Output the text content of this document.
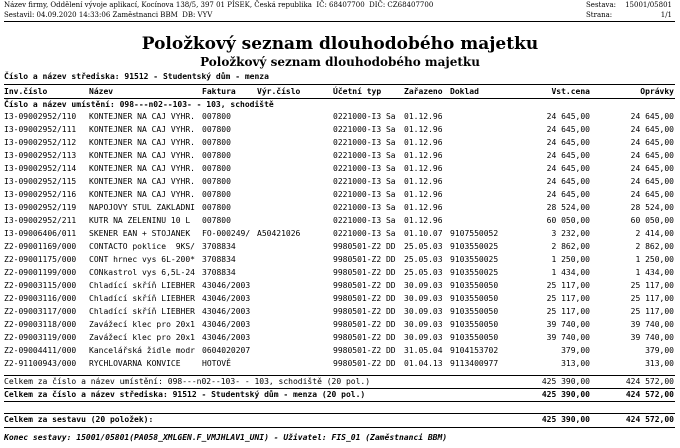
Název firmy, Oddělení vývoje aplikací, Kocínova 138/5, 397 01 PÍSEK, Česká republika  IČ: 68407700  DIČ: CZ68407700
Sestavil: 04.09.2020 14:33:06 Zaměstnanci BBM  DB: VYV
Sestava:	15001/05801
Strana:	1/1
Položkový seznam dlouhodobého majetku
Položkový seznam dlouhodobého majetku
Číslo a název střediska: 91512 - Studentský dům - menza
Inv.číslo	Název	Faktura	Výr.číslo	Účetní typ	Zařazeno Doklad	Vst.cena	Oprávky
Číslo a název umístění: 098---n02--103- - 103, schodiště
I3-09002952/110 KONTEJNER NA CAJ VYHR. 007800	0221000-I3 Sa 01.12.96	24 645,00	24 645,00
I3-09002952/111 KONTEJNER NA CAJ VYHR. 007800	0221000-I3 Sa 01.12.96	24 645,00	24 645,00
I3-09002952/112 KONTEJNER NA CAJ VYHR. 007800	0221000-I3 Sa 01.12.96	24 645,00	24 645,00
I3-09002952/113 KONTEJNER NA CAJ VYHR. 007800	0221000-I3 Sa 01.12.96	24 645,00	24 645,00
I3-09002952/114 KONTEJNER NA CAJ VYHR. 007800	0221000-I3 Sa 01.12.96	24 645,00	24 645,00
I3-09002952/115 KONTEJNER NA CAJ VYHR. 007800	0221000-I3 Sa 01.12.96	24 645,00	24 645,00
I3-09002952/116 KONTEJNER NA CAJ VYHR. 007800	0221000-I3 Sa 01.12.96	24 645,00	24 645,00
I3-09002952/119 NAPOJOVY STUL ZAKLADNI 007800	0221000-I3 Sa 01.12.96	28 524,00	28 524,00
I3-09002952/211 KUTR NA ZELENINU 10 L 007800	0221000-I3 Sa 01.12.96	60 050,00	60 050,00
I3-09006406/011 SKENER EAN + STOJANEK FO-000249/ A50421026	0221000-I3 Sa 01.10.07 9107550052	3 232,00	2 414,00
Z2-09001169/000 CONTACTO poklice  9KS/ 3708834	9980501-Z2 DD 25.05.03 9103550025	2 862,00	2 862,00
Z2-09001175/000 CONT hrnec vys 6L-200* 3708834	9980501-Z2 DD 25.05.03 9103550025	1 250,00	1 250,00
Z2-09001199/000 CONkastrol vys 6,5L-24 3708834	9980501-Z2 DD 25.05.03 9103550025	1 434,00	1 434,00
Z2-09003115/000 Chladící skříň LIEBHER 43046/2003	9980501-Z2 DD 30.09.03 9103550050	25 117,00	25 117,00
Z2-09003116/000 Chladící skříň LIEBHER 43046/2003	9980501-Z2 DD 30.09.03 9103550050	25 117,00	25 117,00
Z2-09003117/000 Chladící skříň LIEBHER 43046/2003	9980501-Z2 DD 30.09.03 9103550050	25 117,00	25 117,00
Z2-09003118/000 Zavážecí klec pro 20x1 43046/2003	9980501-Z2 DD 30.09.03 9103550050	39 740,00	39 740,00
Z2-09003119/000 Zavážecí klec pro 20x1 43046/2003	9980501-Z2 DD 30.09.03 9103550050	39 740,00	39 740,00
Z2-09004411/000 Kancelářská židle modr 0604020207	9980501-Z2 DD 31.05.04 9104153702	379,00	379,00
Z2-91100943/000 RYCHLOVARNA KONVICE	HOTOVĚ	9980501-Z2 DD 01.04.13 9113400977	313,00	313,00
Celkem za číslo a název umístění: 098---n02--103- - 103, schodiště (20 pol.)	425 390,00	424 572,00
Celkem za číslo a název střediska: 91512 - Studentský dům - menza (20 pol.)	425 390,00	424 572,00
Celkem za sestavu (20 položek):	425 390,00	424 572,00
Konec sestavy: 15001/05801(PA058_XMLGEN.F_VMJHLAV1_UNI) - Uživatel: FIS_01 (Zaměstnanci BBM)
